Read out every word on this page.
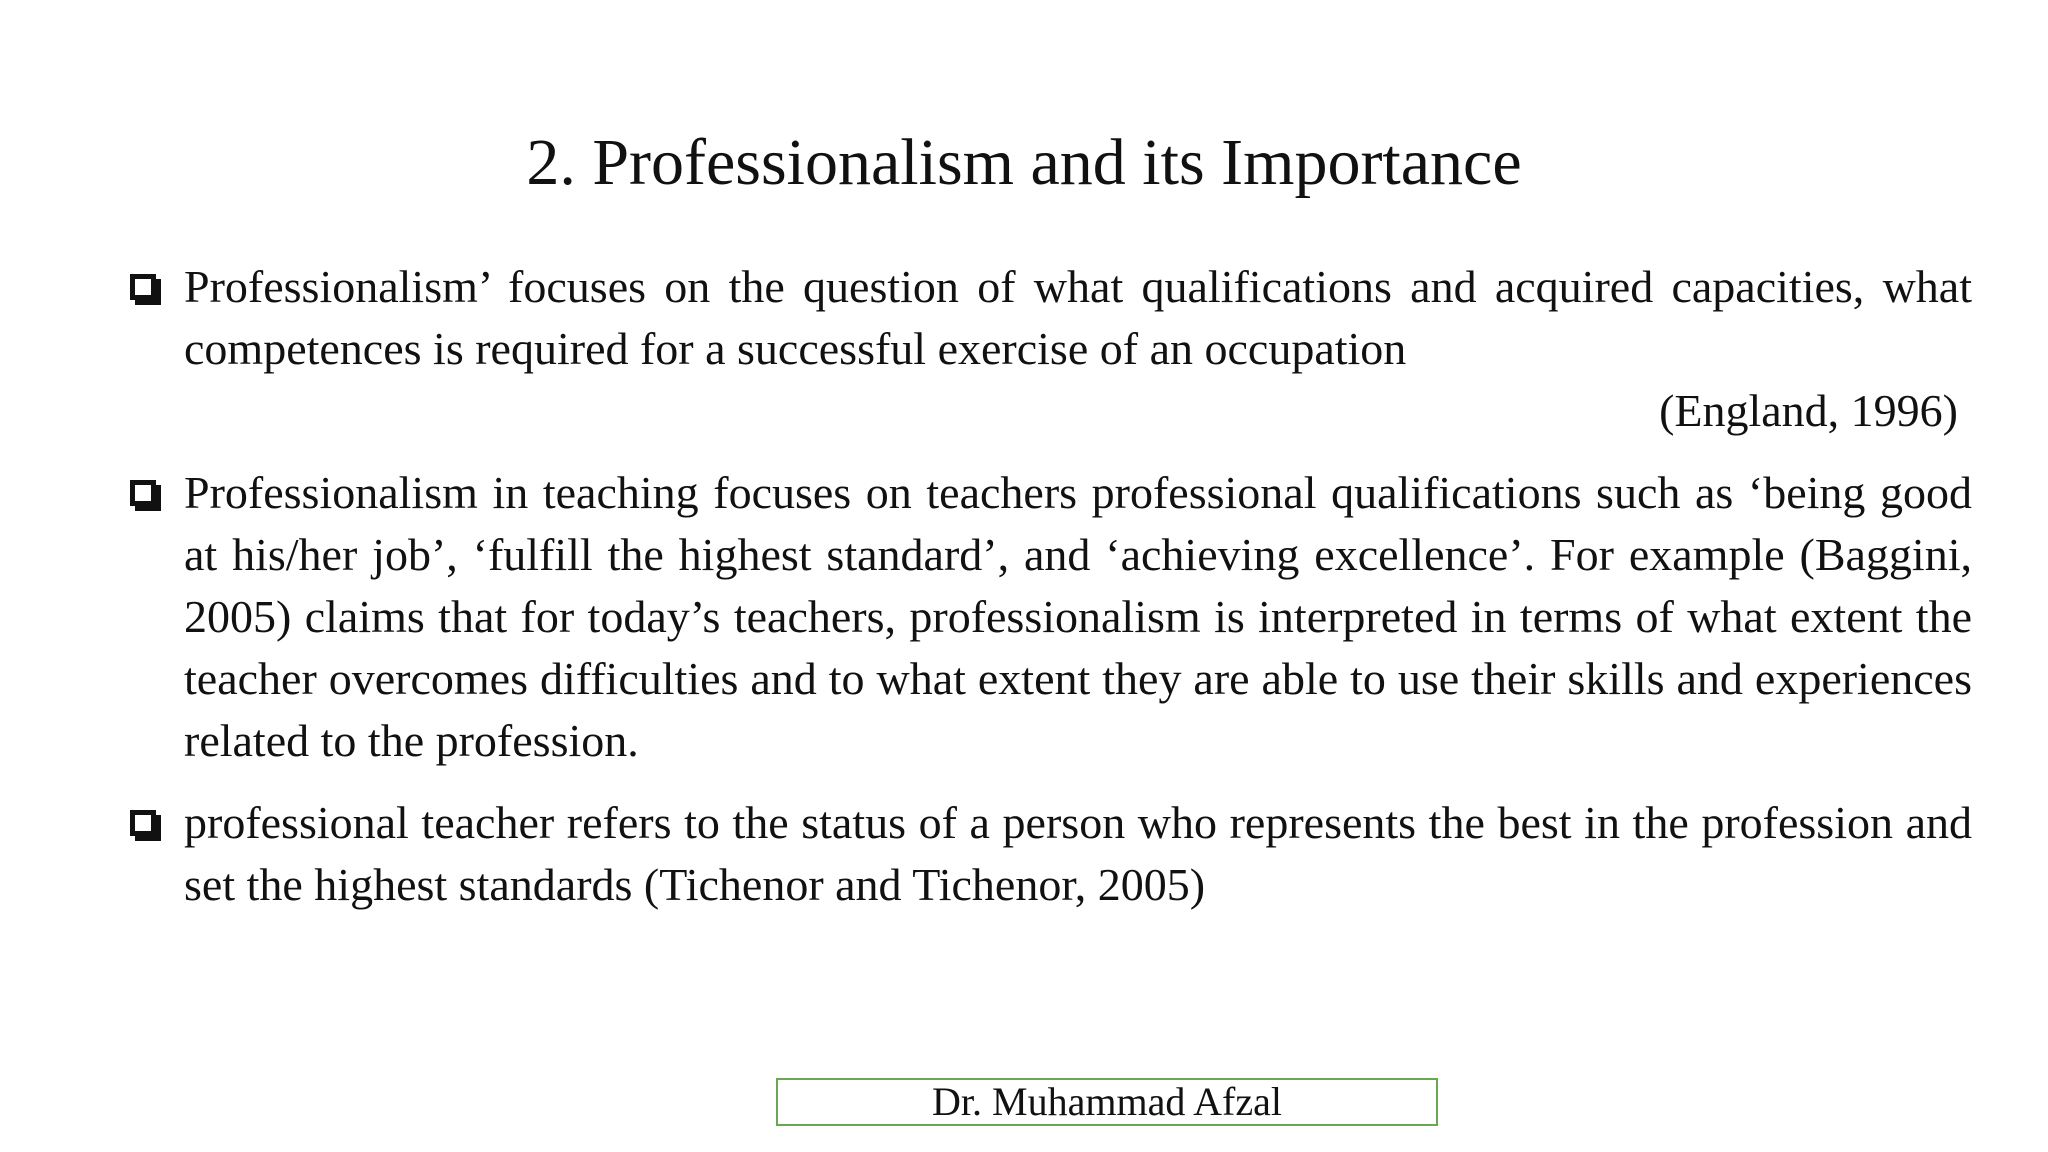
2. Professionalism and its Importance
Professionalism’ focuses on the question of what qualifications and acquired capacities, what competences is required for a successful exercise of an occupation
(England, 1996)
Professionalism in teaching focuses on teachers professional qualifications such as ‘being good at his/her job’, ‘fulfill the highest standard’, and ‘achieving excellence’. For example (Baggini, 2005) claims that for today’s teachers, professionalism is interpreted in terms of what extent the teacher overcomes difficulties and to what extent they are able to use their skills and experiences related to the profession.
professional teacher refers to the status of a person who represents the best in the profession and set the highest standards (Tichenor and Tichenor, 2005)
Dr. Muhammad Afzal
